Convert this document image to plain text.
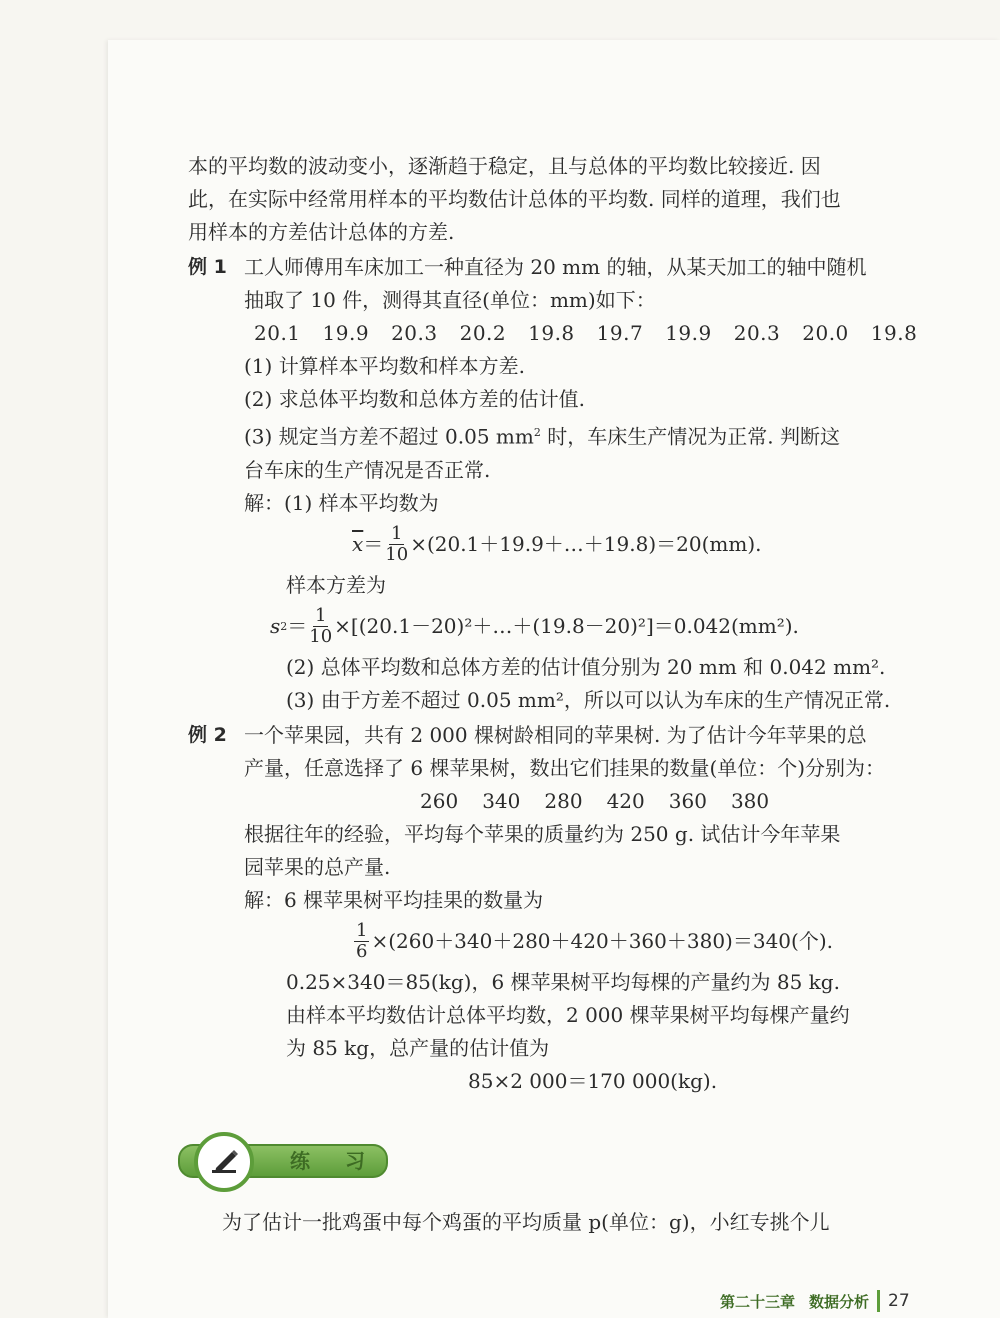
本的平均数的波动变小，逐渐趋于稳定，且与总体的平均数比较接近. 因

此，在实际中经常用样本的平均数估计总体的平均数. 同样的道理，我们也

用样本的方差估计总体的方差.

例 1 工人师傅用车床加工一种直径为 20 mm 的轴，从某天加工的轴中随机

抽取了 10 件，测得其直径(单位：mm)如下：

20.1 19.9 20.3 20.2 19.8 19.7 19.9 20.3 20.0 19.8

(1) 计算样本平均数和样本方差.

(2) 求总体平均数和总体方差的估计值.

(3) 规定当方差不超过 0.05 $mm^2$ 时，车床生产情况为正常. 判断这

台车床的生产情况是否正常.

解：(1) 样本平均数为

$\overline{x} = \frac{1}{10}$ ×(20.1＋19.9＋…＋19.8)＝20(mm).

样本方差为

s $2 = \frac{1}{10}$ ×[(20.1－20)²＋…＋(19.8－20)²]＝0.042(mm²).

(2) 总体平均数和总体方差的估计值分别为 20 mm 和 0.042 mm².

(3) 由于方差不超过 0.05 mm²，所以可以认为车床的生产情况正常.

例 2 一个苹果园，共有 2 000 棵树龄相同的苹果树. 为了估计今年苹果的总

产量，任意选择了 6 棵苹果树，数出它们挂果的数量(单位：个)分别为：

260 340 280 420 360 380

根据往年的经验，平均每个苹果的质量约为 250 g. 试估计今年苹果

园苹果的总产量.

解：6 棵苹果树平均挂果的数量为

$\frac{1}{6} \times(260+340+280+420+360+380)=340$(个).

0.25×340＝85(kg)，6 棵苹果树平均每棵的产量约为 85 kg.

由样本平均数估计总体平均数，2 000 棵苹果树平均每棵产量约

为 85 kg，总产量的估计值为

85×2 000＝170 000(kg).

练 习
为了估计一批鸡蛋中每个鸡蛋的平均质量 p(单位：g)，小红专挑个儿
第二十三章 数据分析 27
